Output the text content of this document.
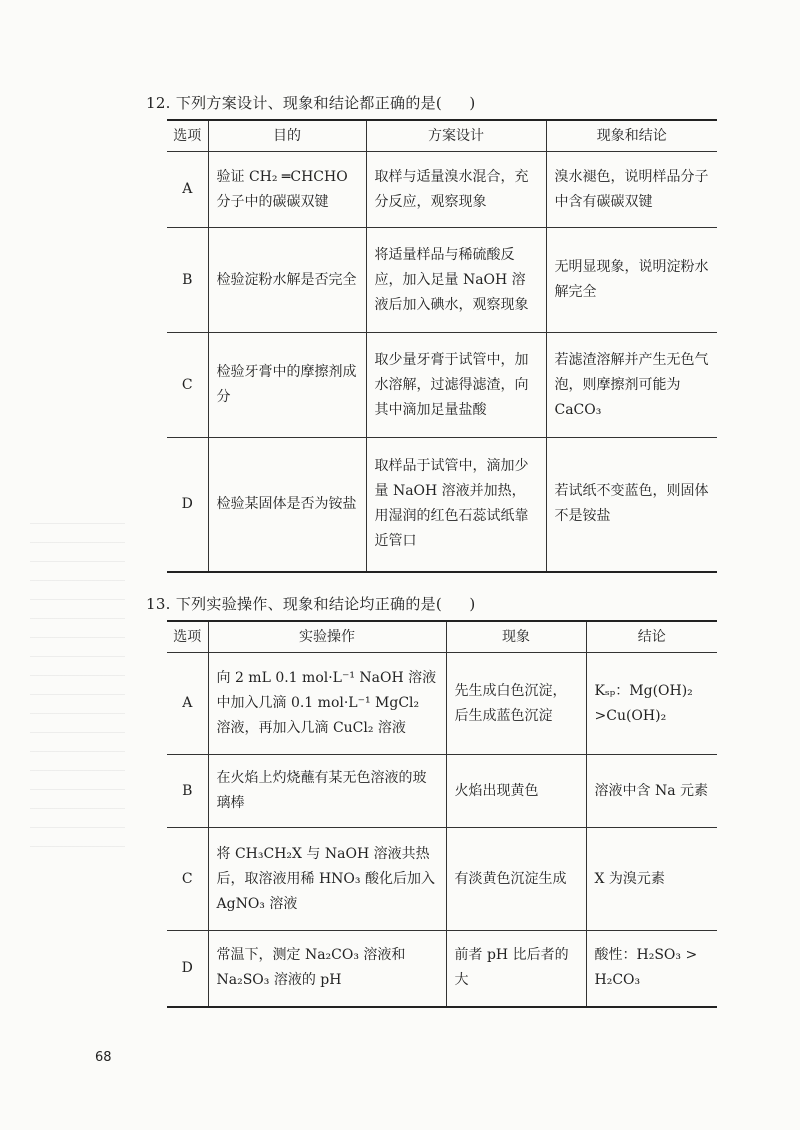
12. 下列方案设计、现象和结论都正确的是( )
选项	目的	方案设计	现象和结论
A	验证 CH₂ ═CHCHO 分子中的碳碳双键	取样与适量溴水混合，充分反应，观察现象	溴水褪色，说明样品分子中含有碳碳双键
B	检验淀粉水解是否完全	将适量样品与稀硫酸反应，加入足量 NaOH 溶液后加入碘水，观察现象	无明显现象，说明淀粉水解完全
C	检验牙膏中的摩擦剂成分	取少量牙膏于试管中，加水溶解，过滤得滤渣，向其中滴加足量盐酸	若滤渣溶解并产生无色气泡，则摩擦剂可能为 CaCO₃
D	检验某固体是否为铵盐	取样品于试管中，滴加少量 NaOH 溶液并加热，用湿润的红色石蕊试纸靠近管口	若试纸不变蓝色，则固体不是铵盐
13. 下列实验操作、现象和结论均正确的是( )
选项	实验操作	现象	结论
A	向 2 mL 0.1 mol·L⁻¹ NaOH 溶液中加入几滴 0.1 mol·L⁻¹ MgCl₂ 溶液，再加入几滴 CuCl₂ 溶液	先生成白色沉淀，后生成蓝色沉淀	Kₛₚ：Mg(OH)₂ >Cu(OH)₂
B	在火焰上灼烧蘸有某无色溶液的玻璃棒	火焰出现黄色	溶液中含 Na 元素
C	将 CH₃CH₂X 与 NaOH 溶液共热后，取溶液用稀 HNO₃ 酸化后加入 AgNO₃ 溶液	有淡黄色沉淀生成	X 为溴元素
D	常温下，测定 Na₂CO₃ 溶液和 Na₂SO₃ 溶液的 pH	前者 pH 比后者的大	酸性：H₂SO₃ > H₂CO₃
68
